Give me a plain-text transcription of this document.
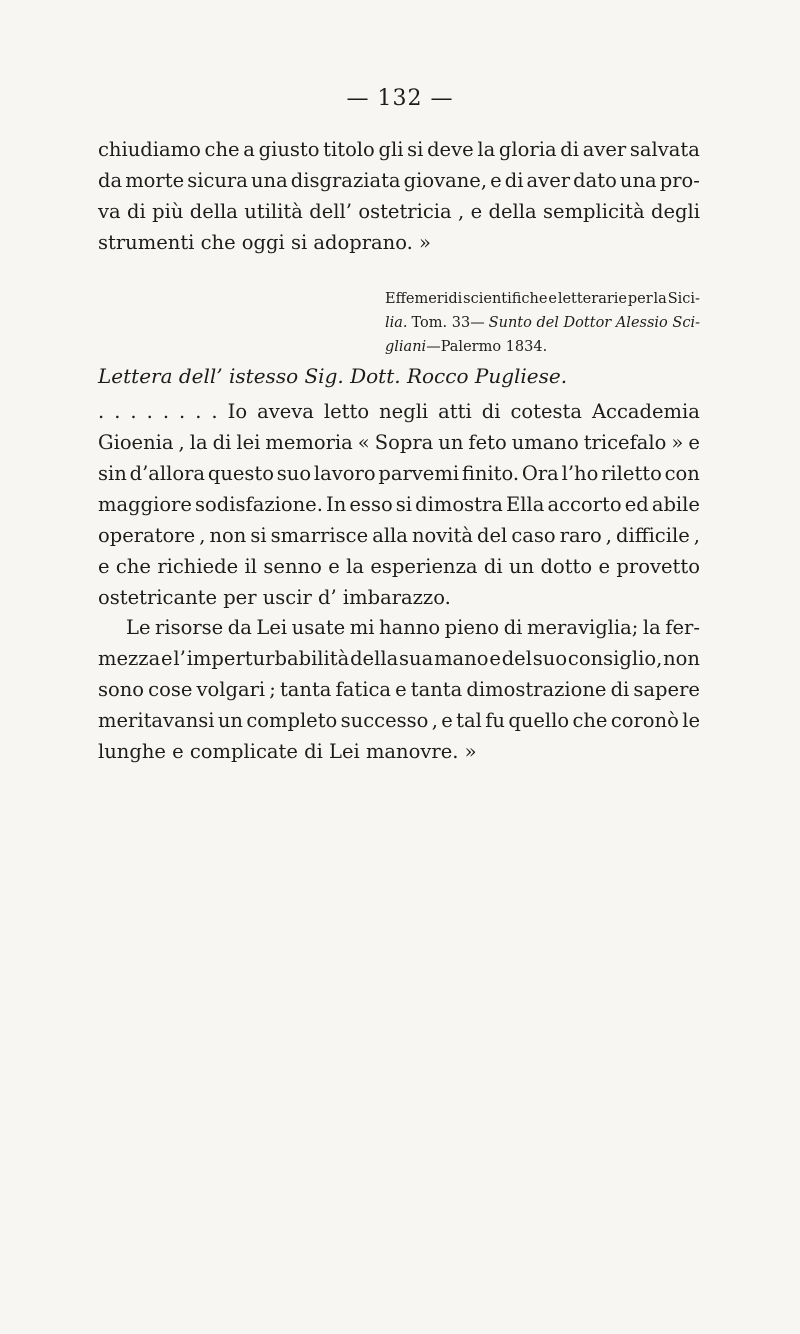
— 132 —
chiudiamo che a giusto titolo gli si deve la gloria di aver salvata
da morte sicura una disgraziata giovane, e di aver dato una pro-
va di più della utilità dell’ ostetricia , e della semplicità degli
strumenti che oggi si adoprano. »
Effemeridi scientifiche e letterarie per la Sici-
lia. Tom. 33— Sunto del Dottor Alessio Sci-
gliani —Palermo 1834.
Lettera dell’ istesso Sig. Dott. Rocco Pugliese.
. . . . . . . . Io aveva letto negli atti di cotesta Accademia
Gioenia , la di lei memoria « Sopra un feto umano tricefalo » e
sin d’allora questo suo lavoro parvemi finito. Ora l’ho riletto con
maggiore sodisfazione. In esso si dimostra Ella accorto ed abile
operatore , non si smarrisce alla novità del caso raro , difficile ,
e che richiede il senno e la esperienza di un dotto e provetto
ostetricante per uscir d’ imbarazzo.
Le risorse da Lei usate mi hanno pieno di meraviglia; la fer-
mezza e l’ imperturbabilità della sua mano e del suo consiglio, non
sono cose volgari ; tanta fatica e tanta dimostrazione di sapere
meritavansi un completo successo , e tal fu quello che coronò le
lunghe e complicate di Lei manovre. »
